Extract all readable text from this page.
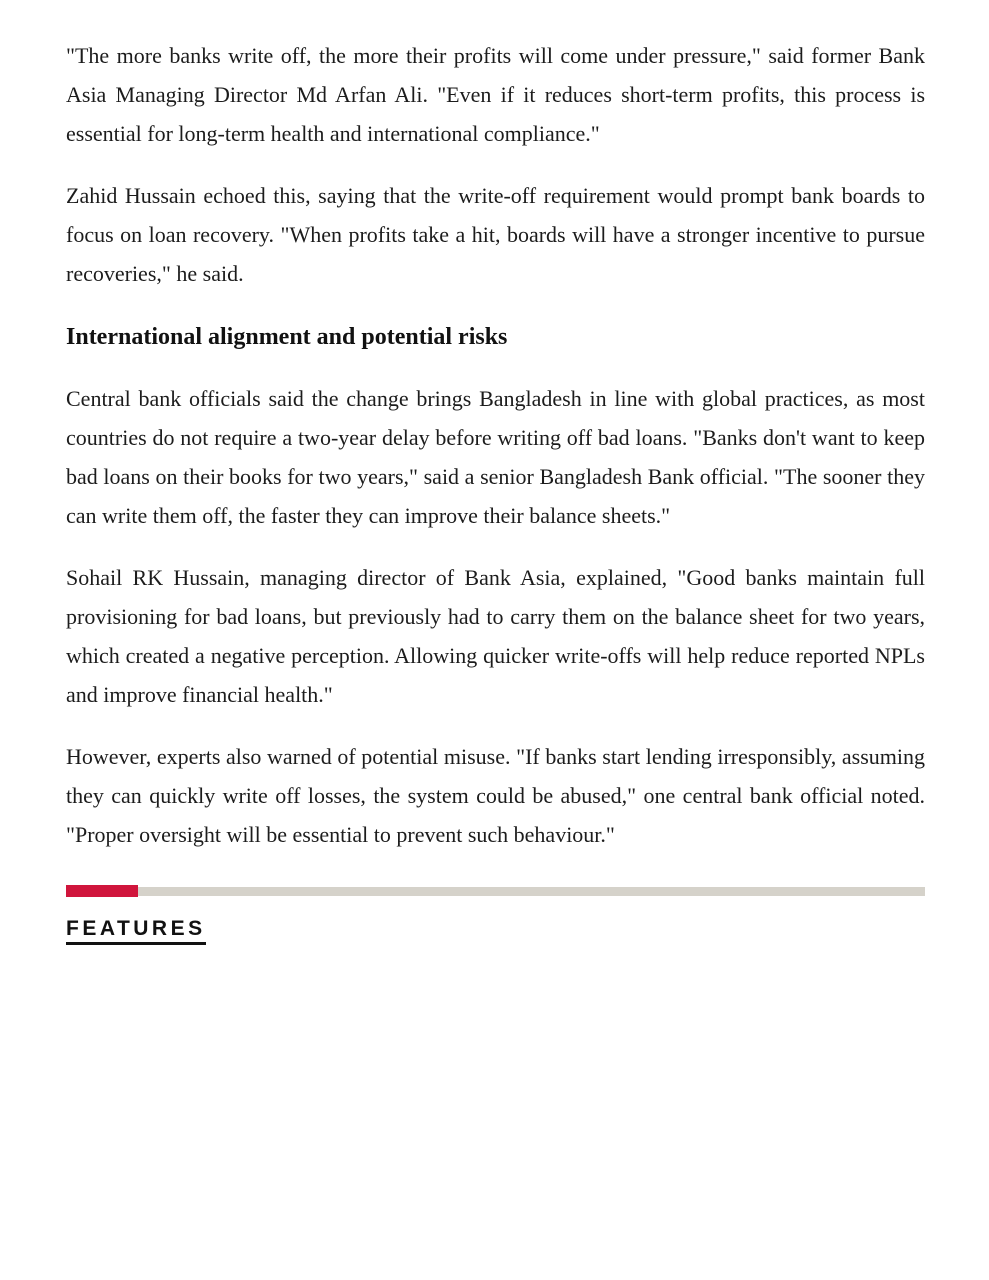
"The more banks write off, the more their profits will come under pressure," said former Bank Asia Managing Director Md Arfan Ali. "Even if it reduces short-term profits, this process is essential for long-term health and international compliance."

Zahid Hussain echoed this, saying that the write-off requirement would prompt bank boards to focus on loan recovery. "When profits take a hit, boards will have a stronger incentive to pursue recoveries," he said.

International alignment and potential risks

Central bank officials said the change brings Bangladesh in line with global practices, as most countries do not require a two-year delay before writing off bad loans. "Banks don't want to keep bad loans on their books for two years," said a senior Bangladesh Bank official. "The sooner they can write them off, the faster they can improve their balance sheets."

Sohail RK Hussain, managing director of Bank Asia, explained, "Good banks maintain full provisioning for bad loans, but previously had to carry them on the balance sheet for two years, which created a negative perception. Allowing quicker write-offs will help reduce reported NPLs and improve financial health."

However, experts also warned of potential misuse. "If banks start lending irresponsibly, assuming they can quickly write off losses, the system could be abused," one central bank official noted. "Proper oversight will be essential to prevent such behaviour."

FEATURES
